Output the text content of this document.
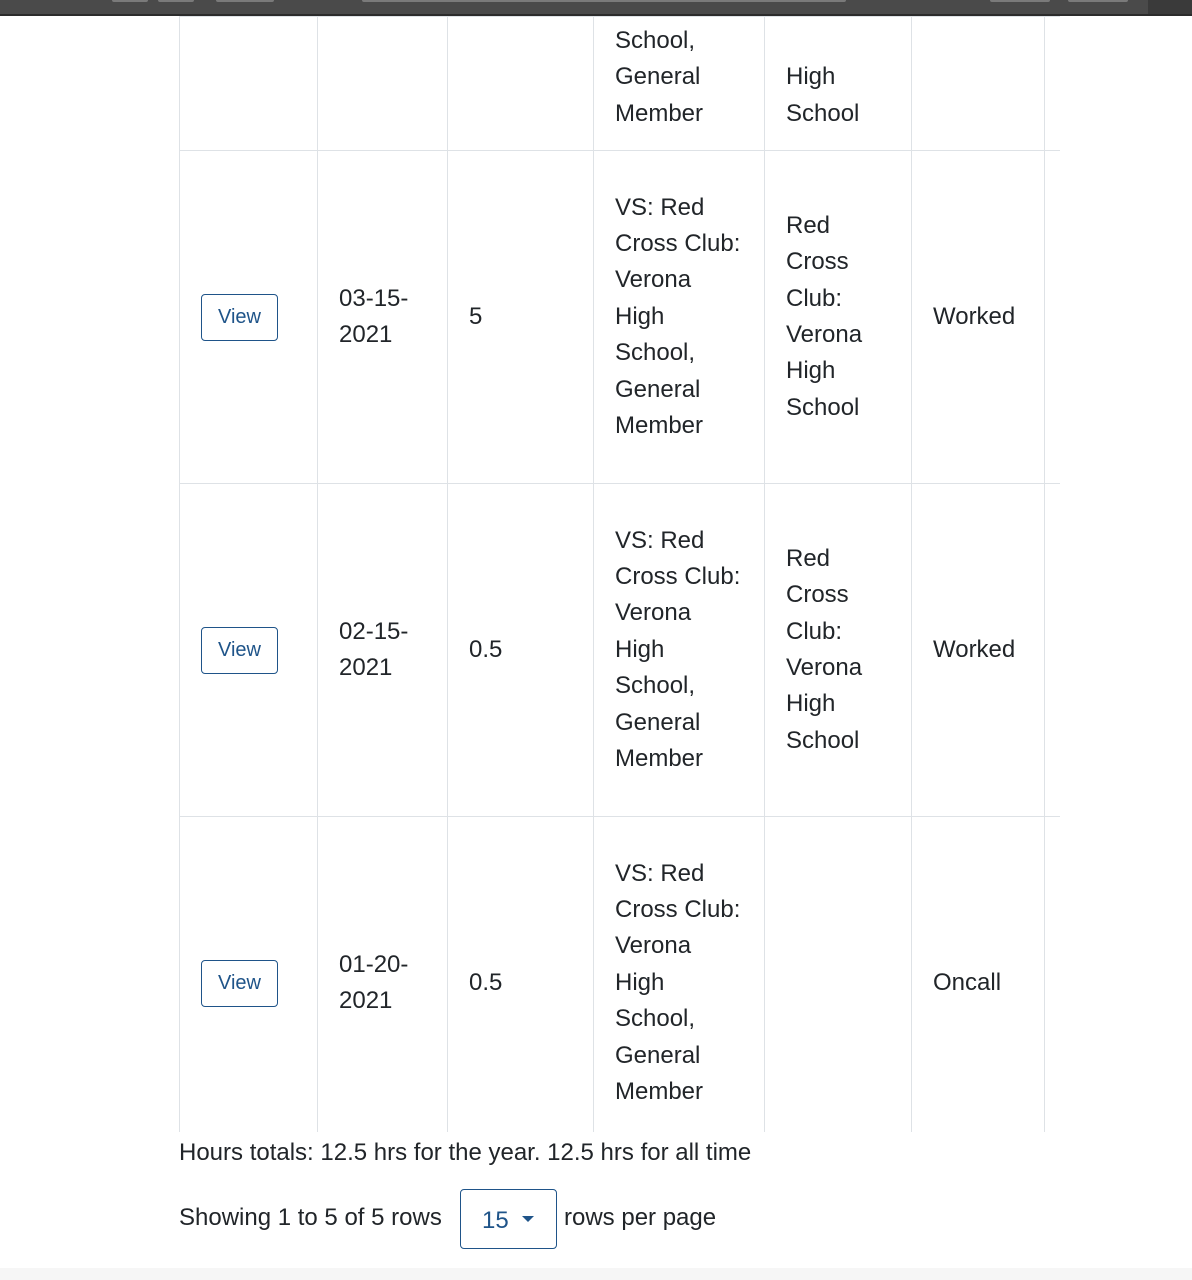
			School, General Member	High School		
View	03-15-2021	5	VS: Red Cross Club: Verona High School, General Member	Red Cross Club: Verona High School	Worked	
View	02-15-2021	0.5	VS: Red Cross Club: Verona High School, General Member	Red Cross Club: Verona High School	Worked	
View	01-20-2021	0.5	VS: Red Cross Club: Verona High School, General Member		Oncall	
Hours totals: 12.5 hrs for the year. 12.5 hrs for all time
Showing 1 to 5 of 5 rows 15 rows per page
